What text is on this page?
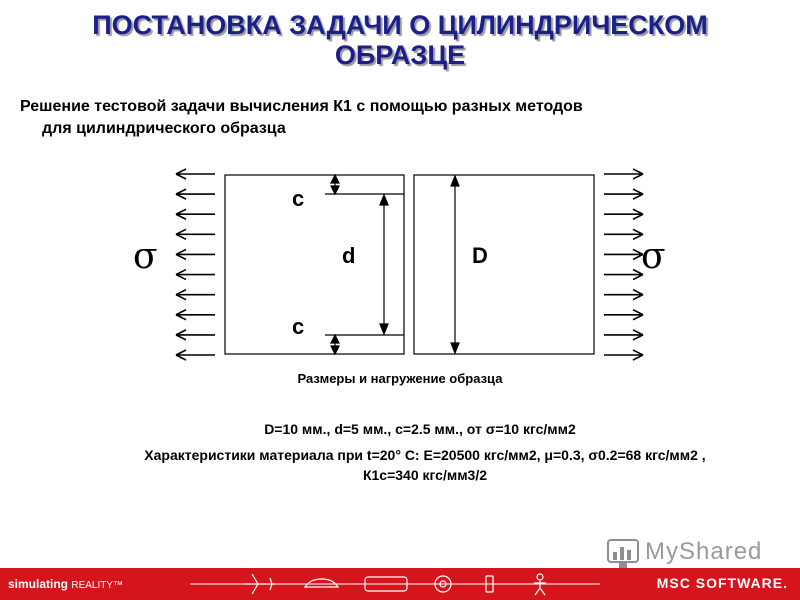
ПОСТАНОВКА ЗАДАЧИ О ЦИЛИНДРИЧЕСКОМ
ОБРАЗЦЕ
Решение тестовой задачи вычисления К1 с помощью разных методов
для цилиндрического образца
c
c
d	D
σ	σ
Размеры и нагружение образца
D=10 мм., d=5 мм., c=2.5 мм., от σ=10 кгс/мм2
Характеристики материала при t=20° С: E=20500 кгс/мм2, μ=0.3, σ0.2=68 кгс/мм2 ,
К1с=340 кгс/мм3/2
MyShared
simulating REALITY™	MSC SOFTWARE.
